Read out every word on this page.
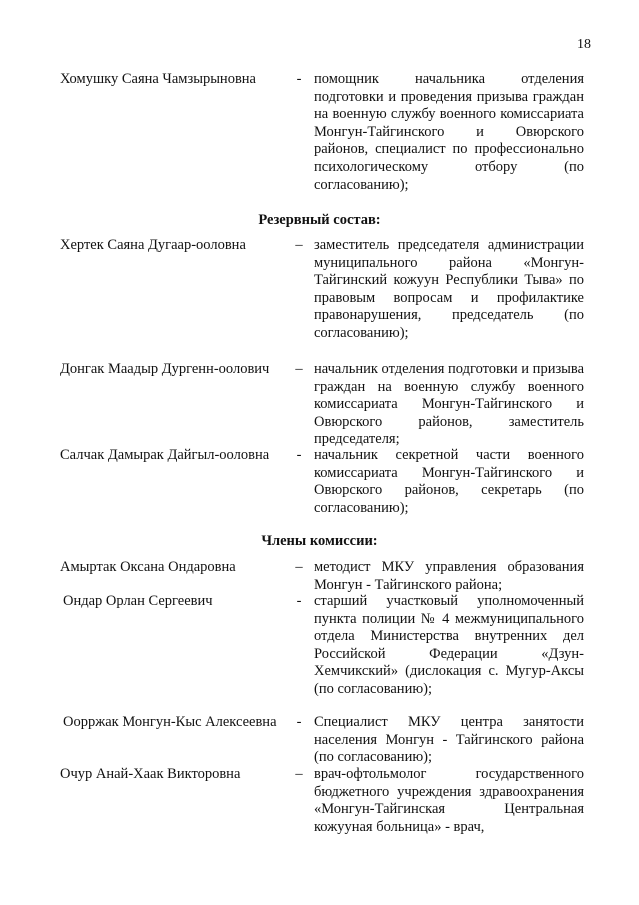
18
Хомушку Саяна Чамзырыновна	- помощник начальника отделения подготовки и проведения призыва граждан на военную службу военного комиссариата Монгун-Тайгинского и Овюрского районов, специалист по профессионально психологическому отбору (по согласованию);
Резервный состав:
Хертек Саяна Дугаар-ооловна	– заместитель председателя администрации муниципального района «Монгун-Тайгинский кожуун Республики Тыва» по правовым вопросам и профилактике правонарушения, председатель (по согласованию);
Донгак Маадыр Дургенн-оолович – начальник отделения подготовки и призыва граждан на военную службу военного комиссариата Монгун-Тайгинского и Овюрского районов, заместитель председателя;
Салчак Дамырак Дайгыл-ооловна	- начальник секретной части военного комиссариата Монгун-Тайгинского и Овюрского районов, секретарь (по согласованию);
Члены комиссии:
Амыртак Оксана Ондаровна	– методист МКУ управления образования Монгун - Тайгинского района;
Ондар Орлан Сергеевич	- старший участковый уполномоченный пункта полиции № 4 межмуниципального отдела Министерства внутренних дел Российской Федерации «Дзун-Хемчикский» (дислокация с. Мугур-Аксы (по согласованию);
Оорржак Монгун-Кыс Алексеевна	- Специалист МКУ центра занятости населения Монгун - Тайгинского района (по согласованию);
Очур Анай-Хаак Викторовна	– врач-офтольмолог государственного бюджетного учреждения здравоохранения «Монгун-Тайгинская Центральная кожууная больница» - врач,
